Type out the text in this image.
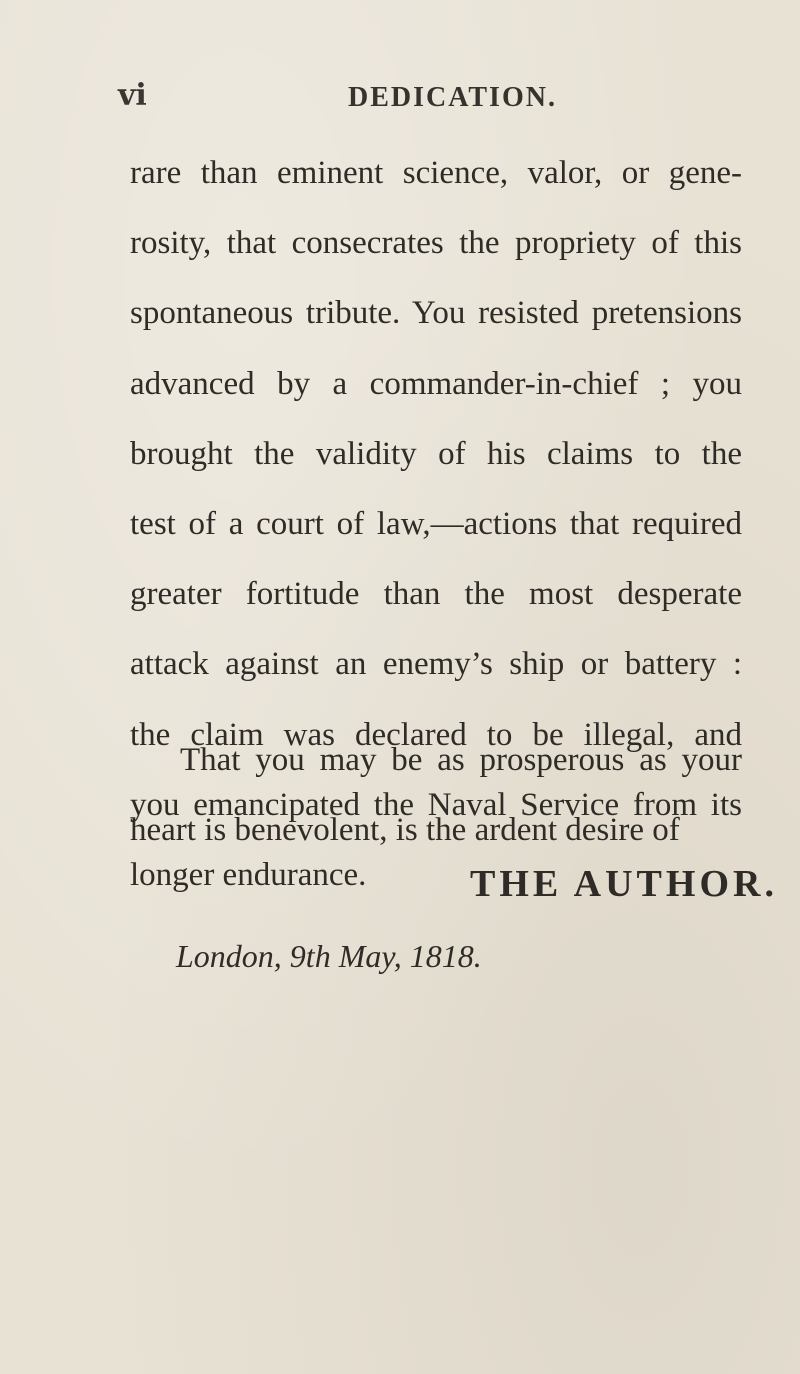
vi	DEDICATION.
rare than eminent science, valor, or gene-
rosity, that consecrates the propriety of this
spontaneous tribute. You resisted pretensions
advanced by a commander-in-chief ; you
brought the validity of his claims to the
test of a court of law,—actions that required
greater fortitude than the most desperate
attack against an enemy’s ship or battery :
the claim was declared to be illegal, and
you emancipated the Naval Service from its
longer endurance.
That you may be as prosperous as your
heart is benevolent, is the ardent desire of
THE AUTHOR.
London, 9th May, 1818.
